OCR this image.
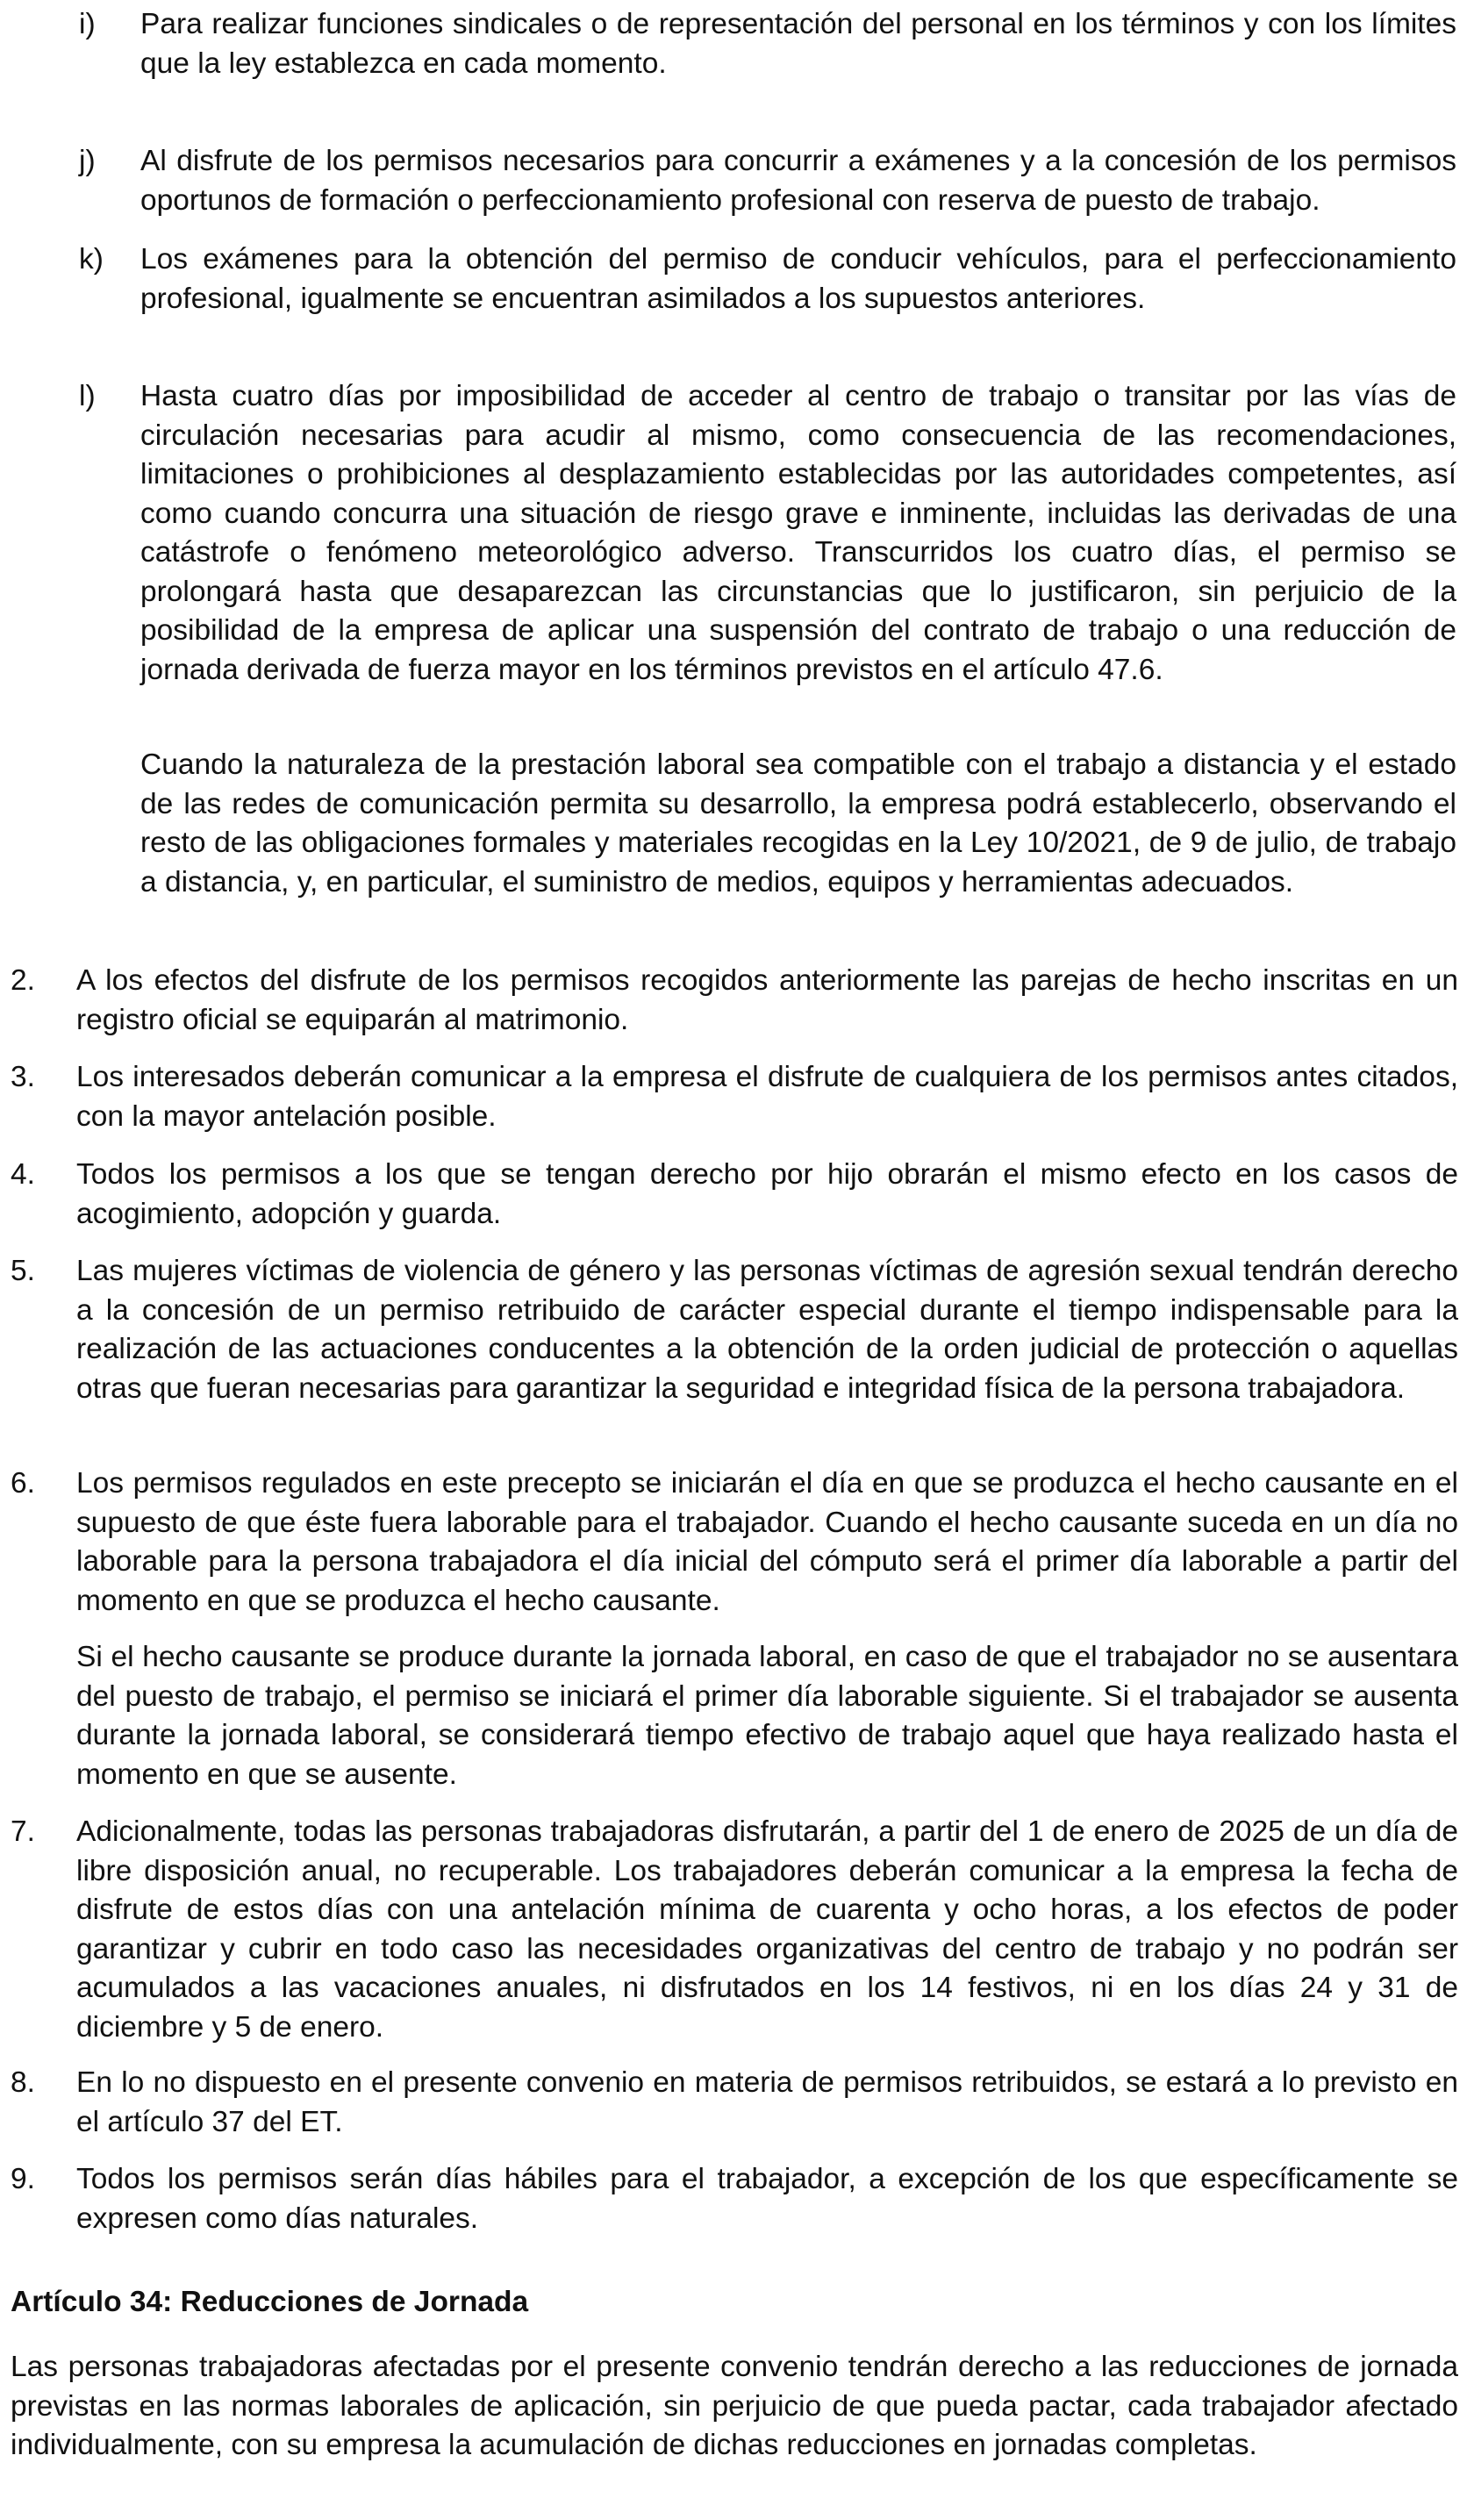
i) Para realizar funciones sindicales o de representación del personal en los términos y con los límites que la ley establezca en cada momento.

j) Al disfrute de los permisos necesarios para concurrir a exámenes y a la concesión de los permisos oportunos de formación o perfeccionamiento profesional con reserva de puesto de trabajo.

k) Los exámenes para la obtención del permiso de conducir vehículos, para el perfeccionamiento profesional, igualmente se encuentran asimilados a los supuestos anteriores.

l) Hasta cuatro días por imposibilidad de acceder al centro de trabajo o transitar por las vías de circulación necesarias para acudir al mismo, como consecuencia de las recomendaciones, limitaciones o prohibiciones al desplazamiento establecidas por las autoridades competentes, así como cuando concurra una situación de riesgo grave e inminente, incluidas las derivadas de una catástrofe o fenómeno meteorológico adverso. Transcurridos los cuatro días, el permiso se prolongará hasta que desaparezcan las circunstancias que lo justificaron, sin perjuicio de la posibilidad de la empresa de aplicar una suspensión del contrato de trabajo o una reducción de jornada derivada de fuerza mayor en los términos previstos en el artículo 47.6.

Cuando la naturaleza de la prestación laboral sea compatible con el trabajo a distancia y el estado de las redes de comunicación permita su desarrollo, la empresa podrá establecerlo, observando el resto de las obligaciones formales y materiales recogidas en la Ley 10/2021, de 9 de julio, de trabajo a distancia, y, en particular, el suministro de medios, equipos y herramientas adecuados.

2. A los efectos del disfrute de los permisos recogidos anteriormente las parejas de hecho inscritas en un registro oficial se equiparán al matrimonio.

3. Los interesados deberán comunicar a la empresa el disfrute de cualquiera de los permisos antes citados, con la mayor antelación posible.

4. Todos los permisos a los que se tengan derecho por hijo obrarán el mismo efecto en los casos de acogimiento, adopción y guarda.

5. Las mujeres víctimas de violencia de género y las personas víctimas de agresión sexual tendrán derecho a la concesión de un permiso retribuido de carácter especial durante el tiempo indispensable para la realización de las actuaciones conducentes a la obtención de la orden judicial de protección o aquellas otras que fueran necesarias para garantizar la seguridad e integridad física de la persona trabajadora.

6. Los permisos regulados en este precepto se iniciarán el día en que se produzca el hecho causante en el supuesto de que éste fuera laborable para el trabajador. Cuando el hecho causante suceda en un día no laborable para la persona trabajadora el día inicial del cómputo será el primer día laborable a partir del momento en que se produzca el hecho causante.

Si el hecho causante se produce durante la jornada laboral, en caso de que el trabajador no se ausentara del puesto de trabajo, el permiso se iniciará el primer día laborable siguiente. Si el trabajador se ausenta durante la jornada laboral, se considerará tiempo efectivo de trabajo aquel que haya realizado hasta el momento en que se ausente.

7. Adicionalmente, todas las personas trabajadoras disfrutarán, a partir del 1 de enero de 2025 de un día de libre disposición anual, no recuperable. Los trabajadores deberán comunicar a la empresa la fecha de disfrute de estos días con una antelación mínima de cuarenta y ocho horas, a los efectos de poder garantizar y cubrir en todo caso las necesidades organizativas del centro de trabajo y no podrán ser acumulados a las vacaciones anuales, ni disfrutados en los 14 festivos, ni en los días 24 y 31 de diciembre y 5 de enero.

8. En lo no dispuesto en el presente convenio en materia de permisos retribuidos, se estará a lo previsto en el artículo 37 del ET.

9. Todos los permisos serán días hábiles para el trabajador, a excepción de los que específicamente se expresen como días naturales.

Artículo 34: Reducciones de Jornada

Las personas trabajadoras afectadas por el presente convenio tendrán derecho a las reducciones de jornada previstas en las normas laborales de aplicación, sin perjuicio de que pueda pactar, cada trabajador afectado individualmente, con su empresa la acumulación de dichas reducciones en jornadas completas.
